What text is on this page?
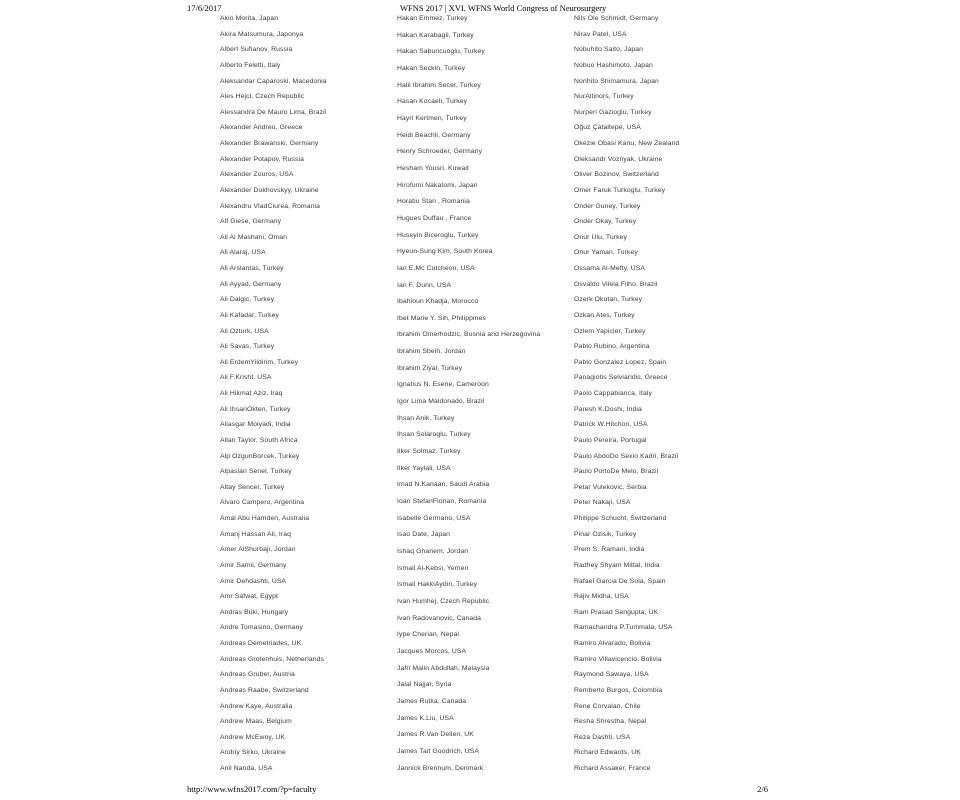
17/6/2017	WFNS 2017 | XVI. WFNS World Congress of Neurosurgery
Akio Morita, Japan
Akira Matsumura, Japonya
Albert Sufianov, Russia
Alberto Feletti, Italy
Aleksandar Caparoski, Macedonia
Ales Hejcl, Czech Republic
Alessandra De Mauro Lima, Brazil
Alexander Andreu, Greece
Alexander Brawanski, Germany
Alexander Potapov, Russia
Alexander Zouros, USA
Alexander Dukhovskyy, Ukraine
Alexandru VladCiurea, Romania
Alf Giese, Germany
Ali Al Mashani, Oman
Ali Alaraj, USA
Ali Arslantas, Turkey
Ali Ayyad, Germany
Ali Dalgic, Turkey
Ali Kafadar, Turkey
Ali Ozturk, USA
Ali Savas, Turkey
Ali ErdemYildirim, Turkey
Ali F.Krisht, USA
Ali Hikmat Aziz, Iraq
Ali IhsanOkten, Turkey
Aliasgar Moiyadi, India
Allan Taylor, South Africa
Alp OzgunBorcek, Turkey
Alpaslan Senel, Turkey
Altay Sencer, Turkey
Alvaro Campero, Argentina
Amal Abu Hamden, Australia
Amanj Hassan Ali, Iraq
Amer AlShurbaji, Jordan
Amir Samii, Germany
Amir Dehdashti, USA
Amr Safwat, Egypt
Andras Büki, Hungary
Andre Tomasino, Germany
Andreas Demetriades, UK
Andreas Grotenhuis, Netherlands
Andreas Gruber, Austria
Andreas Raabe, Switzerland
Andrew Kaye, Australia
Andrew Maas, Belgium
Andrew McEwoy, UK
Andriy Sirko, Ukraine
Anil Nanda, USA
Hakan Emmez, Turkey
Hakan Karabagli, Turkey
Hakan Sabuncuoglu, Turkey
Hakan Seckin, Turkey
Halil Ibrahim Secer, Turkey
Hasan Kocaeli, Turkey
Hayri Kertmen, Turkey
Heidi Beachli, Germany
Henry Schroeder, Germany
Hesham Yousri, Kuwait
Hirofumi Nakatomi, Japan
Horatiu Stan , Romania
Hugues Duffau , France
Huseyin Biceroglu, Turkey
Hyeun-Sung Kim, South Korea
Ian E.Mc Cutcheon, USA
Ian F. Dunn, USA
Ibahioun Khadja, Morocco
Ibet Marie Y. Sih, Philippines
Ibrahim Omerhodzic, Bosnia and Herzegovina
Ibrahim Sbeih, Jordan
Ibrahim Ziyal, Turkey
Ignatius N. Esene, Cameroon
Igor Lima Maldonado, Brazil
Ihsan Anik, Turkey
Ihsan Solaroglu, Turkey
Ilker Solmaz, Turkey
Ilker Yaylali, USA
Imad N.Kanaan, Saudi Arabia
Ioan StefanFlorian, Romania
Isabelle Germano, USA
Isao Date, Japan
Ishaq Ghanem, Jordan
Ismail Al-Kebsi, Yemen
Ismail HakkiAydin, Turkey
Ivan Humhej, Czech Republic
Ivan Radovanovic, Canada
Iype Cherian, Nepal
Jacques Morcos, USA
Jafri Malin Abdullah, Malaysia
Jalal Najjar, Syria
James Rutka, Canada
James K.Liu, USA
James R.Van Dellen, UK
James Tait Goodrich, USA
Jannick Brennum, Denmark
Nils Ole Schmidt, Germany
Nirav Patel, USA
Nobuhito Saito, Japan
Nobuo Hashimoto, Japan
Norihito Shimamura, Japan
NurAltinors, Turkey
Nurperi Gazioglu, Turkey
Oğuz Çataltepe, USA
Okezie Obasi Kanu, New Zealand
Oleksandr Voznyak, Ukraine
Oliver Bozinov, Switzerland
Omer Faruk Turkoglu, Turkey
Onder Guney, Turkey
Onder Okay, Turkey
Onur Ulu, Turkey
Onur Yaman, Turkey
Ossama Al-Mefty, USA
Osvaldo Vilela Filho, Brazil
Ozerk Okutan, Turkey
Ozkan Ates, Turkey
Ozlem Yapicier, Turkey
Pablo Rubino, Argentina
Pablo Gonzalez Lopez, Spain
Panagiotis Selviaridis, Greece
Paolo Cappabianca, Italy
Paresh K.Doshi, India
Patrick W.Hitchon, USA
Paulo Pereira, Portugal
Paulo AbdoDo Sexio Kadri, Brazil
Paulo PortoDe Melo, Brazil
Petar Vulekovic, Serbia
Peter Nakaji, USA
Philippe Schucht, Switzerland
Pinar Ozisik, Turkey
Prem S. Ramani, India
Radhey Shyam Mittal, India
Rafael Garcia De Sola, Spain
Rajiv Midha, USA
Ram Prasad Sengupta, UK
Ramachandra P.Tummala, USA
Ramiro Alvarado, Bolivia
Ramiro Villavicencio, Bolivia
Raymond Sawaya, USA
Remberto Burgos, Colombia
Rene Corvalan, Chile
Resha Shrestha, Nepal
Reza Dashti, USA
Richard Edwards, UK
Richard Assaker, France
http://www.wfns2017.com/?p=faculty	2/6
